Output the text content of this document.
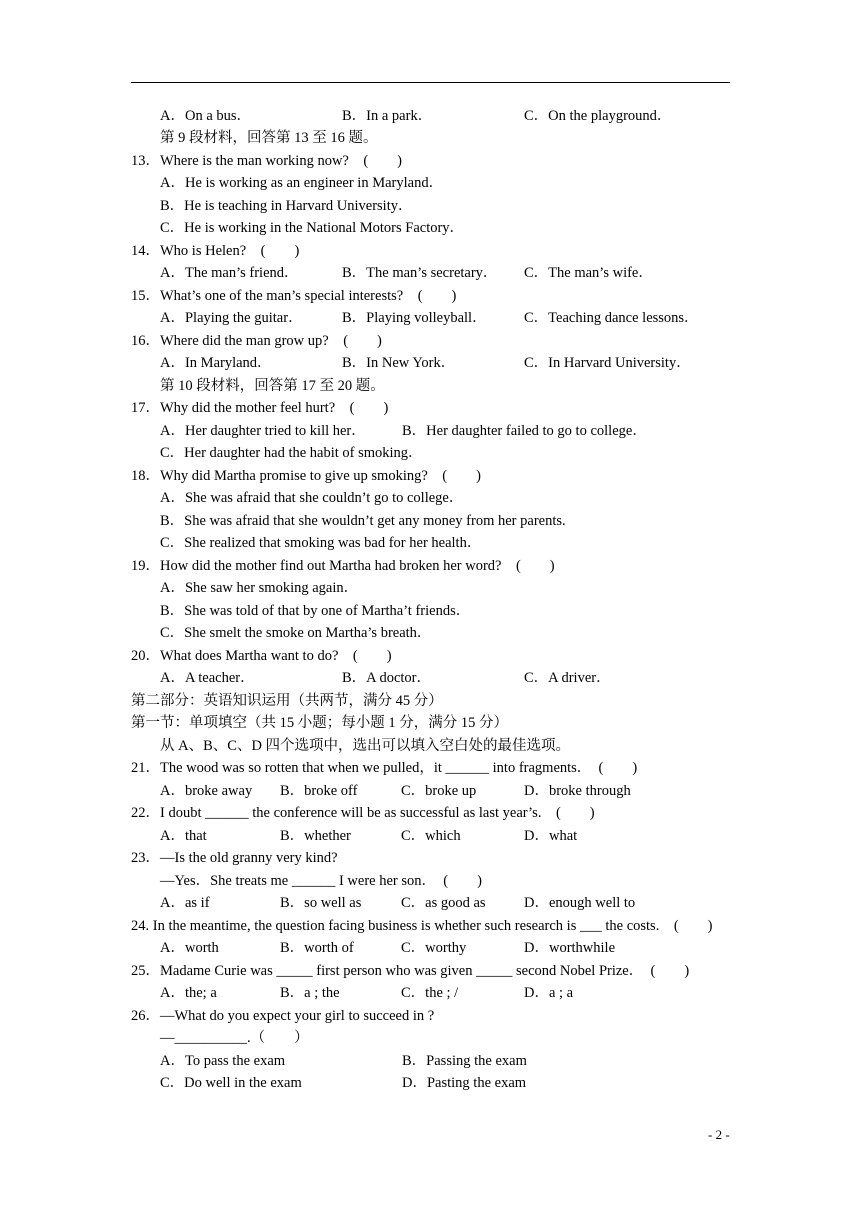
A．On a bus．

	B．In a park．

	C．On the playground．

第 9 段材料，回答第 13 至 16 题。
13．Where is the man working now?　(　　)
A．He is working as an engineer in Maryland．
B．He is teaching in Harvard University．
C．He is working in the National Motors Factory．
14．Who is Helen?　(　　)

A．The man’s friend．

	B．The man’s secretary．

C．The man’s wife．

15．What’s one of the man’s special interests?　(　　)

A．Playing the guitar．

	B．Playing volleyball．

	C．Teaching dance lessons．

16．Where did the man grow up?　(　　)

A．In Maryland．

	B．In New York．

	C．In Harvard University．

第 10 段材料，回答第 17 至 20 题。
17．Why did the mother feel hurt?　(　　)

A．Her daughter tried to kill her．

B．Her daughter failed to go to college．

C．Her daughter had the habit of smoking．
18．Why did Martha promise to give up smoking?　(　　)
A．She was afraid that she couldn’t go to college．
B．She was afraid that she wouldn’t get any money from her parents.
C．She realized that smoking was bad for her health．
19．How did the mother find out Martha had broken her word?　(　　)
A．She saw her smoking again．
B．She was told of that by one of Martha’t friends．
C．She smelt the smoke on Martha’s breath．
20．What does Martha want to do?　(　　)

A．A teacher．

	B．A doctor．

	C．A driver．

第二部分：英语知识运用（共两节，满分 45 分）
第一节：单项填空（共 15 小题；每小题 1 分，满分 15 分）
从 A、B、C、D 四个选项中，选出可以填入空白处的最佳选项。
21．The wood was so rotten that when we pulled，it ______ into fragments．　(　　)

A．broke away

B．broke off

	C．broke up

	D．broke through

22．I doubt ______ the conference will be as successful as last year’s.　(　　)

A．that

	B．whether

	C．which

	D．what

23．—Is the old granny very kind?
—Yes．She treats me ______ I were her son．　(　　)

A．as if

	B．so well as

	C．as good as

	D．enough well to

24. In the meantime, the question facing business is whether such research is ___ the costs.　(　　)

A．worth

	B．worth of

	C．worthy

	D．worthwhile

25．Madame Curie was _____ first person who was given _____ second Nobel Prize．　(　　)

A．the; a

	B．a ; the

	C．the ; /

	D．a ; a

26．—What do you expect your girl to succeed in ?
—__________.（　　）

A．To pass the exam

	B．Passing the exam

C．Do well in the exam

	D．Pasting the exam

- 2 -
